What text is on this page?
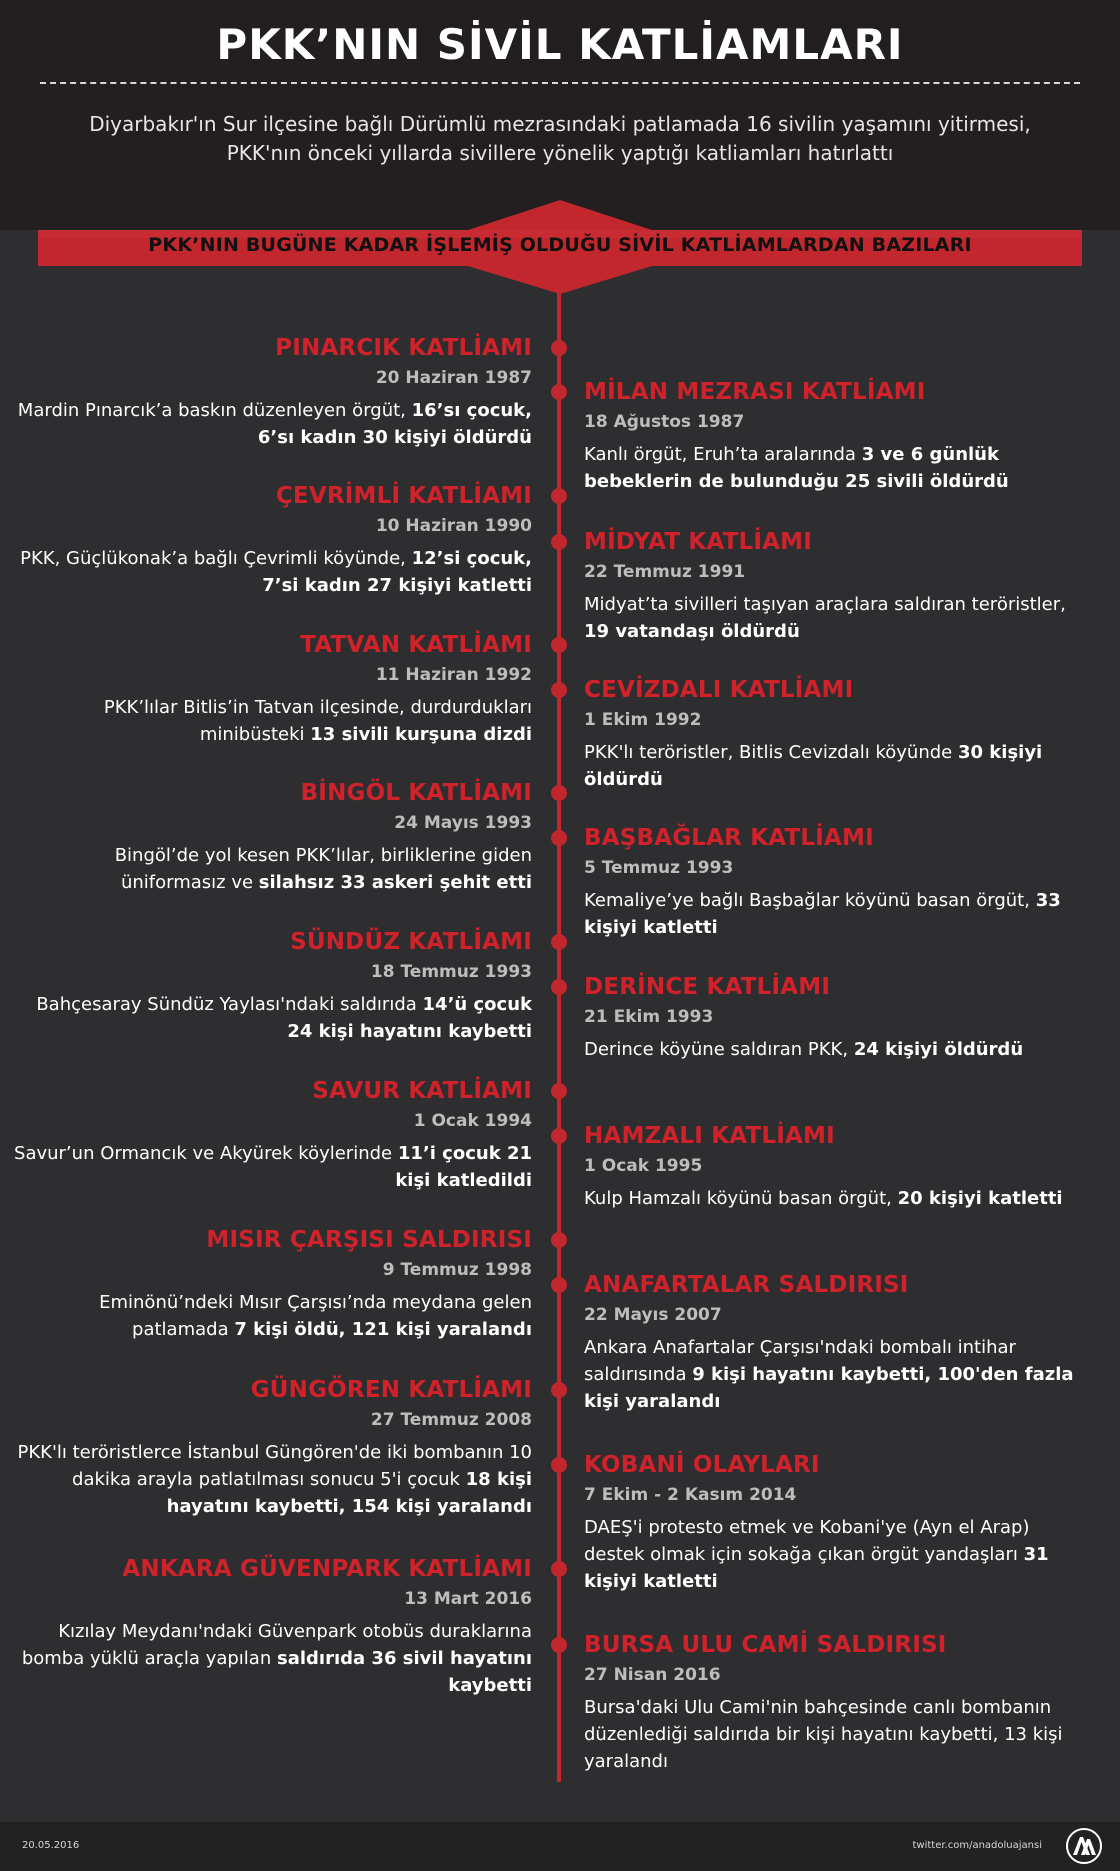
PKK’NIN SİVİL KATLİAMLARI
Diyarbakır'ın Sur ilçesine bağlı Dürümlü mezrasındaki patlamada 16 sivilin yaşamını yitirmesi,
PKK'nın önceki yıllarda sivillere yönelik yaptığı katliamları hatırlattı
PKK’NIN BUGÜNE KADAR İŞLEMİŞ OLDUĞU SİVİL KATLİAMLARDAN BAZILARI
PINARCIK KATLİAMI
20 Haziran 1987
Mardin Pınarcık’a baskın düzenleyen örgüt, 16’sı çocuk, 6’sı kadın 30 kişiyi öldürdü
ÇEVRİMLİ KATLİAMI
10 Haziran 1990
PKK, Güçlükonak’a bağlı Çevrimli köyünde, 12’si çocuk, 7’si kadın 27 kişiyi katletti
TATVAN KATLİAMI
11 Haziran 1992
PKK’lılar Bitlis’in Tatvan ilçesinde, durdurdukları minibüsteki 13 sivili kurşuna dizdi
BİNGÖL KATLİAMI
24 Mayıs 1993
Bingöl’de yol kesen PKK’lılar, birliklerine giden üniformasız ve silahsız 33 askeri şehit etti
SÜNDÜZ KATLİAMI
18 Temmuz 1993
Bahçesaray Sündüz Yaylası'ndaki saldırıda 14’ü çocuk 24 kişi hayatını kaybetti
SAVUR KATLİAMI
1 Ocak 1994
Savur’un Ormancık ve Akyürek köylerinde 11’i çocuk 21 kişi katledildi
MISIR ÇARŞISI SALDIRISI
9 Temmuz 1998
Eminönü’ndeki Mısır Çarşısı’nda meydana gelen patlamada 7 kişi öldü, 121 kişi yaralandı
GÜNGÖREN KATLİAMI
27 Temmuz 2008
PKK'lı teröristlerce İstanbul Güngören'de iki bombanın 10 dakika arayla patlatılması sonucu 5'i çocuk 18 kişi hayatını kaybetti, 154 kişi yaralandı
ANKARA GÜVENPARK KATLİAMI
13 Mart 2016
Kızılay Meydanı'ndaki Güvenpark otobüs duraklarına bomba yüklü araçla yapılan saldırıda 36 sivil hayatını kaybetti
MİLAN MEZRASI KATLİAMI
18 Ağustos 1987
Kanlı örgüt, Eruh’ta aralarında 3 ve 6 günlük bebeklerin de bulunduğu 25 sivili öldürdü
MİDYAT KATLİAMI
22 Temmuz 1991
Midyat’ta sivilleri taşıyan araçlara saldıran teröristler, 19 vatandaşı öldürdü
CEVİZDALI KATLİAMI
1 Ekim 1992
PKK'lı teröristler, Bitlis Cevizdalı köyünde 30 kişiyi öldürdü
BAŞBAĞLAR KATLİAMI
5 Temmuz 1993
Kemaliye’ye bağlı Başbağlar köyünü basan örgüt, 33 kişiyi katletti
DERİNCE KATLİAMI
21 Ekim 1993
Derince köyüne saldıran PKK, 24 kişiyi öldürdü
HAMZALI KATLİAMI
1 Ocak 1995
Kulp Hamzalı köyünü basan örgüt, 20 kişiyi katletti
ANAFARTALAR SALDIRISI
22 Mayıs 2007
Ankara Anafartalar Çarşısı'ndaki bombalı intihar saldırısında 9 kişi hayatını kaybetti, 100'den fazla kişi yaralandı
KOBANİ OLAYLARI
7 Ekim - 2 Kasım 2014
DAEŞ'i protesto etmek ve Kobani'ye (Ayn el Arap) destek olmak için sokağa çıkan örgüt yandaşları 31 kişiyi katletti
BURSA ULU CAMİ SALDIRISI
27 Nisan 2016
Bursa'daki Ulu Cami'nin bahçesinde canlı bombanın düzenlediği saldırıda bir kişi hayatını kaybetti, 13 kişi yaralandı
20.05.2016	twitter.com/anadoluajansi
